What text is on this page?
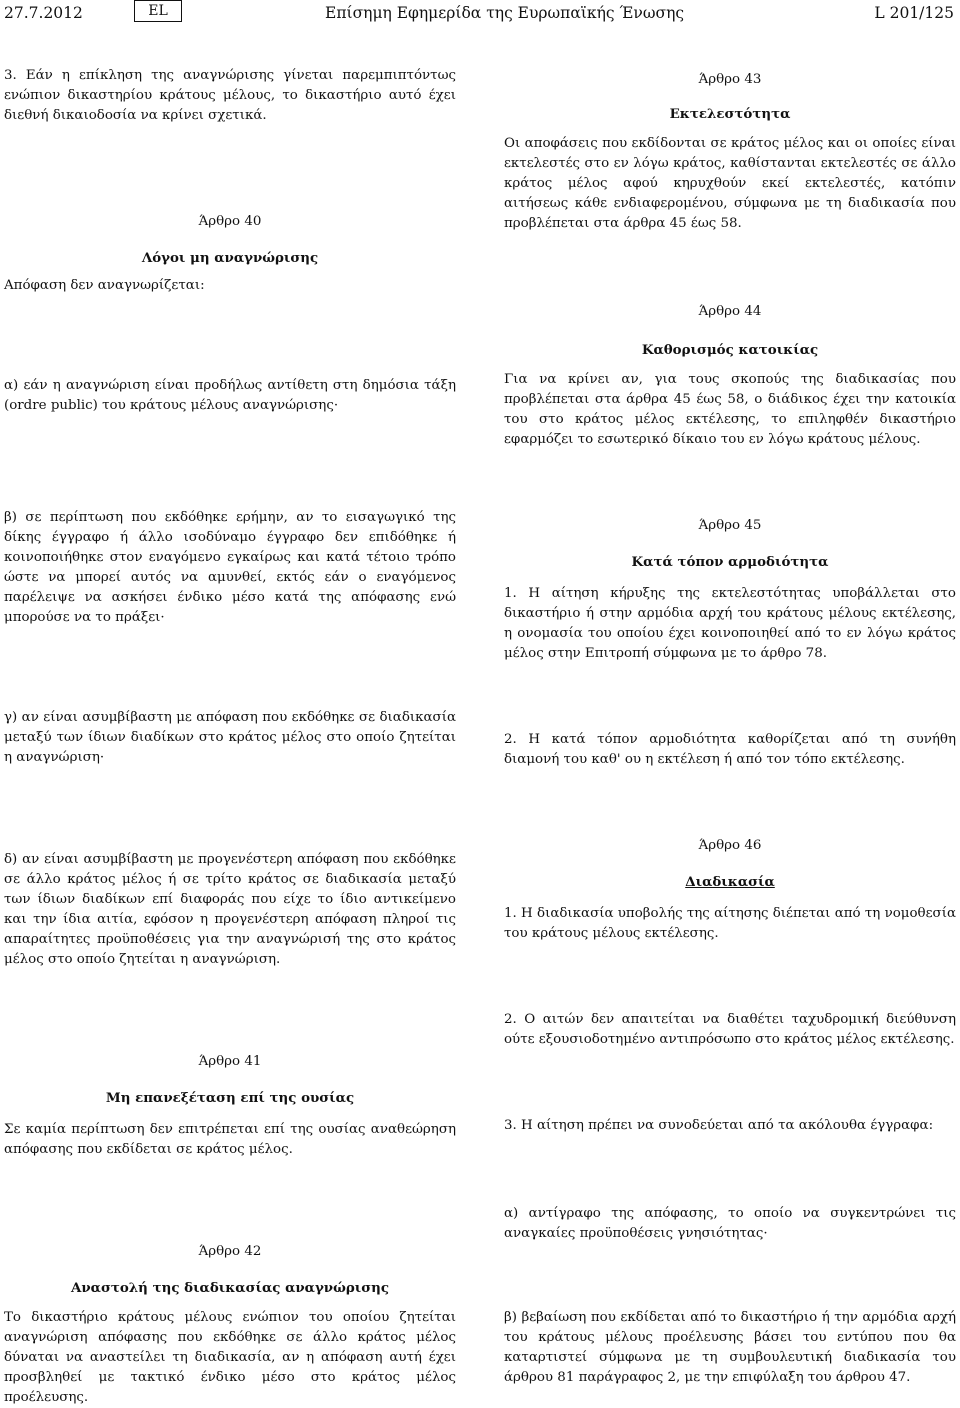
27.7.2012	EL	Επίσημη Εφημερίδα της Ευρωπαϊκής Ένωσης	L 201/125

3. Εάν η επίκληση της αναγνώρισης γίνεται παρεμπιπτόντως ενώπιον δικαστηρίου κράτους μέλους, το δικαστήριο αυτό έχει διεθνή δικαιοδοσία να κρίνει σχετικά.

Άρθρο 40
Λόγοι μη αναγνώρισης

Απόφαση δεν αναγνωρίζεται:

α) εάν η αναγνώριση είναι προδήλως αντίθετη στη δημόσια τάξη (ordre public) του κράτους μέλους αναγνώρισης·

β) σε περίπτωση που εκδόθηκε ερήμην, αν το εισαγωγικό της δίκης έγγραφο ή άλλο ισοδύναμο έγγραφο δεν επιδόθηκε ή κοινοποιήθηκε στον εναγόμενο εγκαίρως και κατά τέτοιο τρόπο ώστε να μπορεί αυτός να αμυνθεί, εκτός εάν ο εναγόμενος παρέλειψε να ασκήσει ένδικο μέσο κατά της απόφασης ενώ μπορούσε να το πράξει·

γ) αν είναι ασυμβίβαστη με απόφαση που εκδόθηκε σε διαδικασία μεταξύ των ίδιων διαδίκων στο κράτος μέλος στο οποίο ζητείται η αναγνώριση·

δ) αν είναι ασυμβίβαστη με προγενέστερη απόφαση που εκδόθηκε σε άλλο κράτος μέλος ή σε τρίτο κράτος σε διαδικασία μεταξύ των ίδιων διαδίκων επί διαφοράς που είχε το ίδιο αντικείμενο και την ίδια αιτία, εφόσον η προγενέστερη απόφαση πληροί τις απαραίτητες προϋποθέσεις για την αναγνώρισή της στο κράτος μέλος στο οποίο ζητείται η αναγνώριση.

Άρθρο 41
Μη επανεξέταση επί της ουσίας

Σε καμία περίπτωση δεν επιτρέπεται επί της ουσίας αναθεώρηση απόφασης που εκδίδεται σε κράτος μέλος.

Άρθρο 42
Αναστολή της διαδικασίας αναγνώρισης

Το δικαστήριο κράτους μέλους ενώπιον του οποίου ζητείται αναγνώριση απόφασης που εκδόθηκε σε άλλο κράτος μέλος δύναται να αναστείλει τη διαδικασία, αν η απόφαση αυτή έχει προσβληθεί με τακτικό ένδικο μέσο στο κράτος μέλος προέλευσης.

Άρθρο 43
Εκτελεστότητα

Οι αποφάσεις που εκδίδονται σε κράτος μέλος και οι οποίες είναι εκτελεστές στο εν λόγω κράτος, καθίστανται εκτελεστές σε άλλο κράτος μέλος αφού κηρυχθούν εκεί εκτελεστές, κατόπιν αιτήσεως κάθε ενδιαφερομένου, σύμφωνα με τη διαδικασία που προβλέπεται στα άρθρα 45 έως 58.

Άρθρο 44
Καθορισμός κατοικίας

Για να κρίνει αν, για τους σκοπούς της διαδικασίας που προβλέπεται στα άρθρα 45 έως 58, ο διάδικος έχει την κατοικία του στο κράτος μέλος εκτέλεσης, το επιληφθέν δικαστήριο εφαρμόζει το εσωτερικό δίκαιο του εν λόγω κράτους μέλους.

Άρθρο 45
Κατά τόπον αρμοδιότητα

1. Η αίτηση κήρυξης της εκτελεστότητας υποβάλλεται στο δικαστήριο ή στην αρμόδια αρχή του κράτους μέλους εκτέλεσης, η ονομασία του οποίου έχει κοινοποιηθεί από το εν λόγω κράτος μέλος στην Επιτροπή σύμφωνα με το άρθρο 78.

2. Η κατά τόπον αρμοδιότητα καθορίζεται από τη συνήθη διαμονή του καθ' ου η εκτέλεση ή από τον τόπο εκτέλεσης.

Άρθρο 46
Διαδικασία

1. Η διαδικασία υποβολής της αίτησης διέπεται από τη νομοθεσία του κράτους μέλους εκτέλεσης.

2. Ο αιτών δεν απαιτείται να διαθέτει ταχυδρομική διεύθυνση ούτε εξουσιοδοτημένο αντιπρόσωπο στο κράτος μέλος εκτέλεσης.

3. Η αίτηση πρέπει να συνοδεύεται από τα ακόλουθα έγγραφα:

α) αντίγραφο της απόφασης, το οποίο να συγκεντρώνει τις αναγκαίες προϋποθέσεις γνησιότητας·

β) βεβαίωση που εκδίδεται από το δικαστήριο ή την αρμόδια αρχή του κράτους μέλους προέλευσης βάσει του εντύπου που θα καταρτιστεί σύμφωνα με τη συμβουλευτική διαδικασία του άρθρου 81 παράγραφος 2, με την επιφύλαξη του άρθρου 47.
